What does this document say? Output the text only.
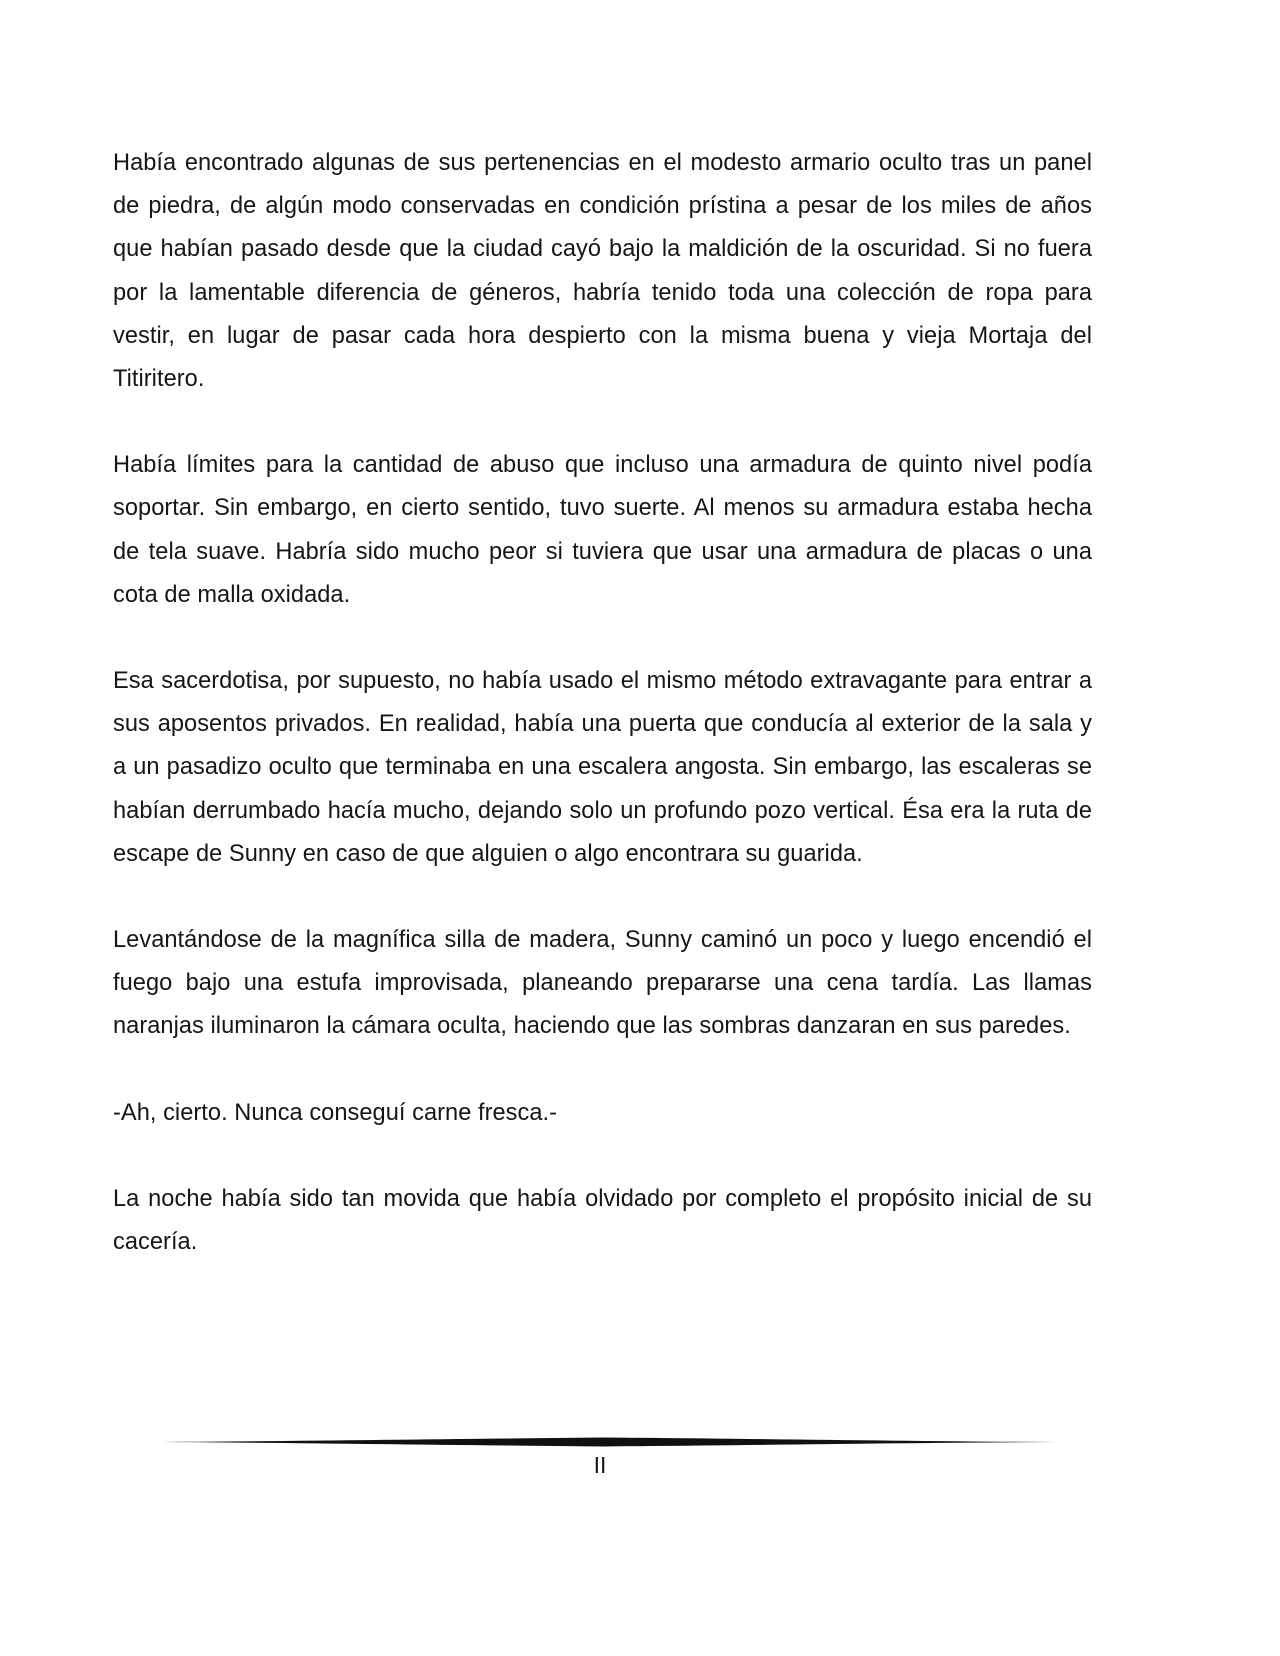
Había encontrado algunas de sus pertenencias en el modesto armario oculto tras un panel de piedra, de algún modo conservadas en condición prístina a pesar de los miles de años que habían pasado desde que la ciudad cayó bajo la maldición de la oscuridad. Si no fuera por la lamentable diferencia de géneros, habría tenido toda una colección de ropa para vestir, en lugar de pasar cada hora despierto con la misma buena y vieja Mortaja del Titiritero.

Había límites para la cantidad de abuso que incluso una armadura de quinto nivel podía soportar. Sin embargo, en cierto sentido, tuvo suerte. Al menos su armadura estaba hecha de tela suave. Habría sido mucho peor si tuviera que usar una armadura de placas o una cota de malla oxidada.

Esa sacerdotisa, por supuesto, no había usado el mismo método extravagante para entrar a sus aposentos privados. En realidad, había una puerta que conducía al exterior de la sala y a un pasadizo oculto que terminaba en una escalera angosta. Sin embargo, las escaleras se habían derrumbado hacía mucho, dejando solo un profundo pozo vertical. Ésa era la ruta de escape de Sunny en caso de que alguien o algo encontrara su guarida.

Levantándose de la magnífica silla de madera, Sunny caminó un poco y luego encendió el fuego bajo una estufa improvisada, planeando prepararse una cena tardía. Las llamas naranjas iluminaron la cámara oculta, haciendo que las sombras danzaran en sus paredes.

-Ah, cierto. Nunca conseguí carne fresca.-

La noche había sido tan movida que había olvidado por completo el propósito inicial de su cacería.

II
